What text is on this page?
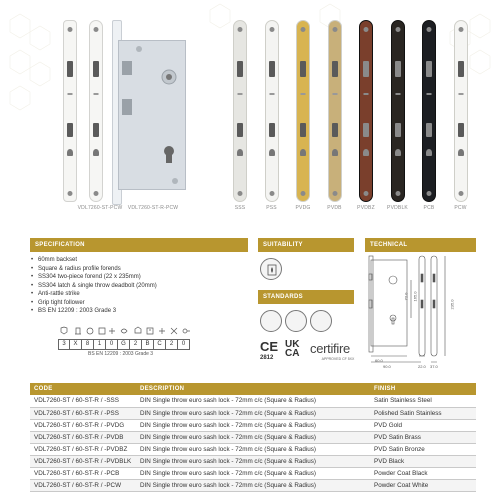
VDL7260-ST-PCW VDL7260-ST-R-PCW
SPECIFICATION
• 60mm backset
• Square & radius profile forends
• SS304 two-piece forend (22 x 235mm)
• SS304 latch & single throw deadbolt (20mm)
• Anti-rattle strike
• Grip tight follower
• BS EN 12209 : 2003 Grade 3
3	X	8	1	0	G	2	B	C	2	0
BS EN 12209 : 2003 Grade 3
SUITABILITY
STANDARDS
CE
2812
UK CA certifire
APPROVED CF 5XX
TECHNICAL
60.0
90.0	22.0 37.0
235.0
72.0 165.0
CODE	DESCRIPTION	FINISH
VDL7260-ST / 60-ST-R / -SSS	DIN Single throw euro sash lock - 72mm c/c (Square & Radius)	Satin Stainless Steel
VDL7260-ST / 60-ST-R / -PSS	DIN Single throw euro sash lock - 72mm c/c (Square & Radius)	Polished Satin Stainless
VDL7260-ST / 60-ST-R / -PVDG	DIN Single throw euro sash lock - 72mm c/c (Square & Radius)	PVD Gold
VDL7260-ST / 60-ST-R / -PVDB	DIN Single throw euro sash lock - 72mm c/c (Square & Radius)	PVD Satin Brass
VDL7260-ST / 60-ST-R / -PVDBZ	DIN Single throw euro sash lock - 72mm c/c (Square & Radius)	PVD Satin Bronze
VDL7260-ST / 60-ST-R / -PVDBLK	DIN Single throw euro sash lock - 72mm c/c (Square & Radius)	PVD Black
VDL7260-ST / 60-ST-R / -PCB	DIN Single throw euro sash lock - 72mm c/c (Square & Radius)	Powder Coat Black
VDL7260-ST / 60-ST-R / -PCW	DIN Single throw euro sash lock - 72mm c/c (Square & Radius)	Powder Coat White
SSS	PSS	PVDG	PVDB	PVDBZ PVDBLK	PCB	PCW
